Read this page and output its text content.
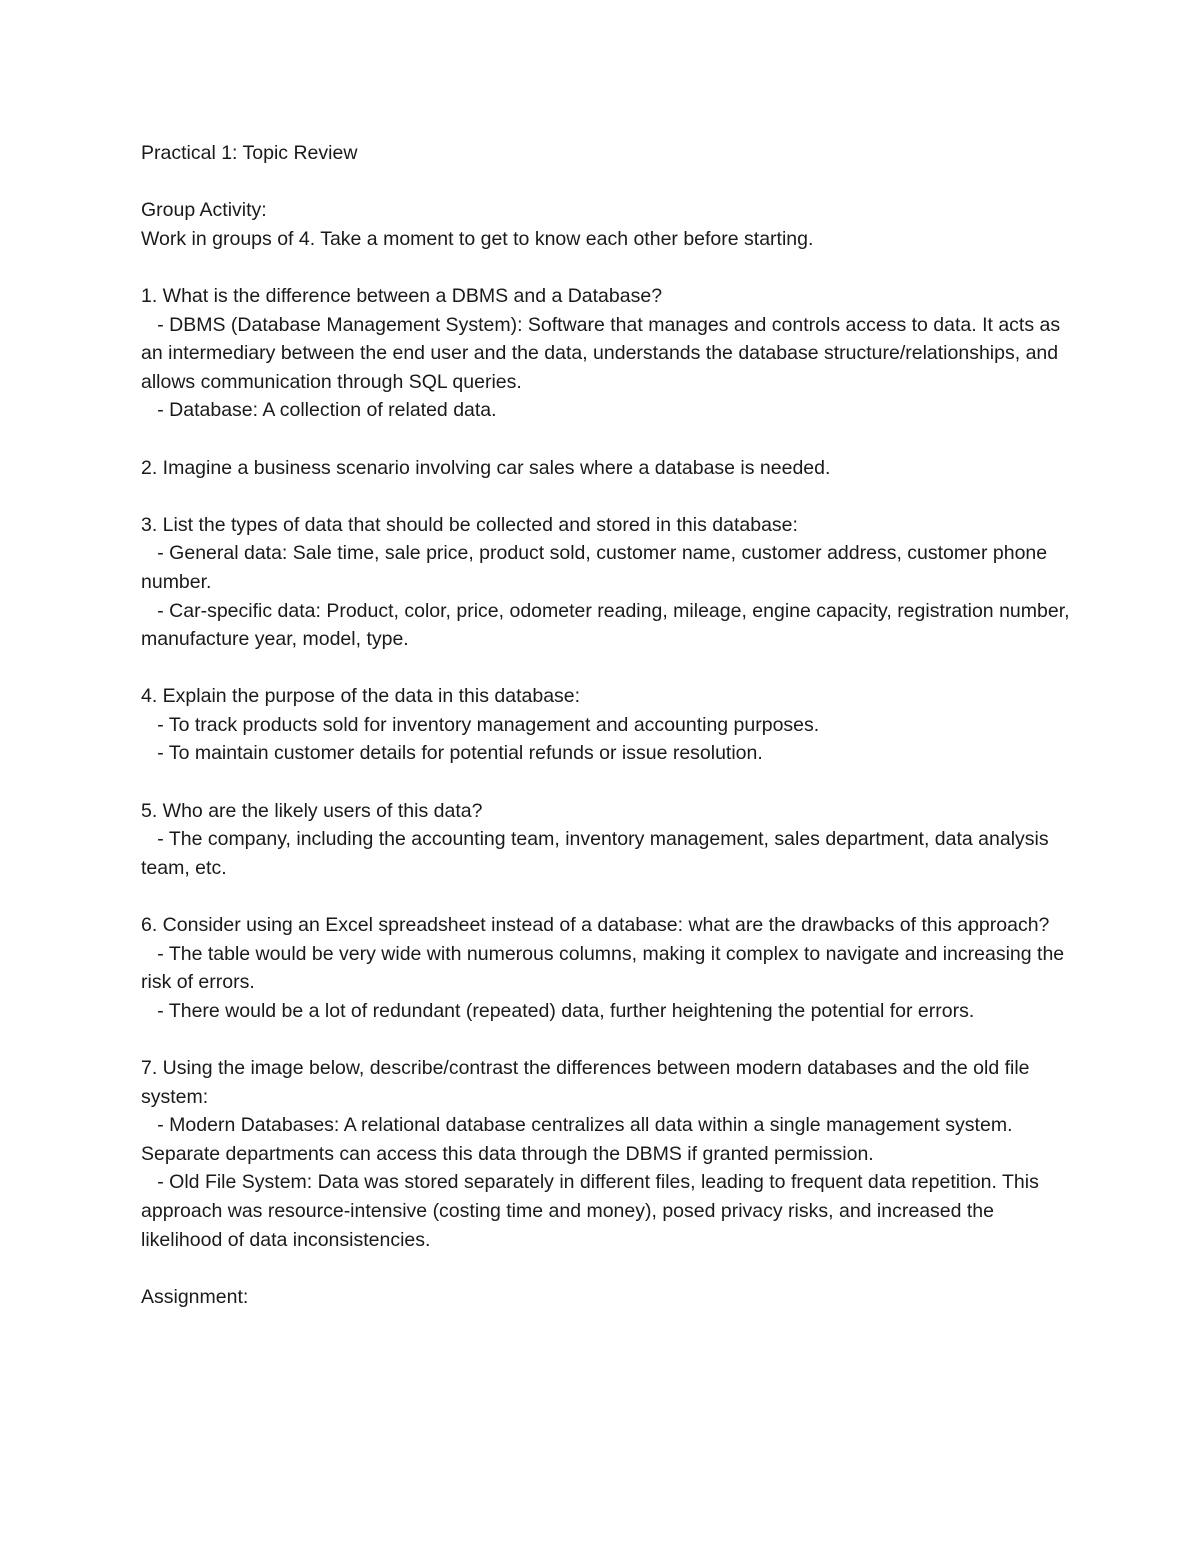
Practical 1: Topic Review
Group Activity:
Work in groups of 4. Take a moment to get to know each other before starting.
1. What is the difference between a DBMS and a Database?
- DBMS (Database Management System): Software that manages and controls access to data. It acts as an intermediary between the end user and the data, understands the database structure/relationships, and allows communication through SQL queries.
- Database: A collection of related data.
2. Imagine a business scenario involving car sales where a database is needed.
3. List the types of data that should be collected and stored in this database:
- General data: Sale time, sale price, product sold, customer name, customer address, customer phone number.
- Car-specific data: Product, color, price, odometer reading, mileage, engine capacity, registration number, manufacture year, model, type.
4. Explain the purpose of the data in this database:
- To track products sold for inventory management and accounting purposes.
- To maintain customer details for potential refunds or issue resolution.
5. Who are the likely users of this data?
- The company, including the accounting team, inventory management, sales department, data analysis team, etc.
6. Consider using an Excel spreadsheet instead of a database: what are the drawbacks of this approach?
- The table would be very wide with numerous columns, making it complex to navigate and increasing the risk of errors.
- There would be a lot of redundant (repeated) data, further heightening the potential for errors.
7. Using the image below, describe/contrast the differences between modern databases and the old file system:
- Modern Databases: A relational database centralizes all data within a single management system. Separate departments can access this data through the DBMS if granted permission.
- Old File System: Data was stored separately in different files, leading to frequent data repetition. This approach was resource-intensive (costing time and money), posed privacy risks, and increased the likelihood of data inconsistencies.
Assignment:
